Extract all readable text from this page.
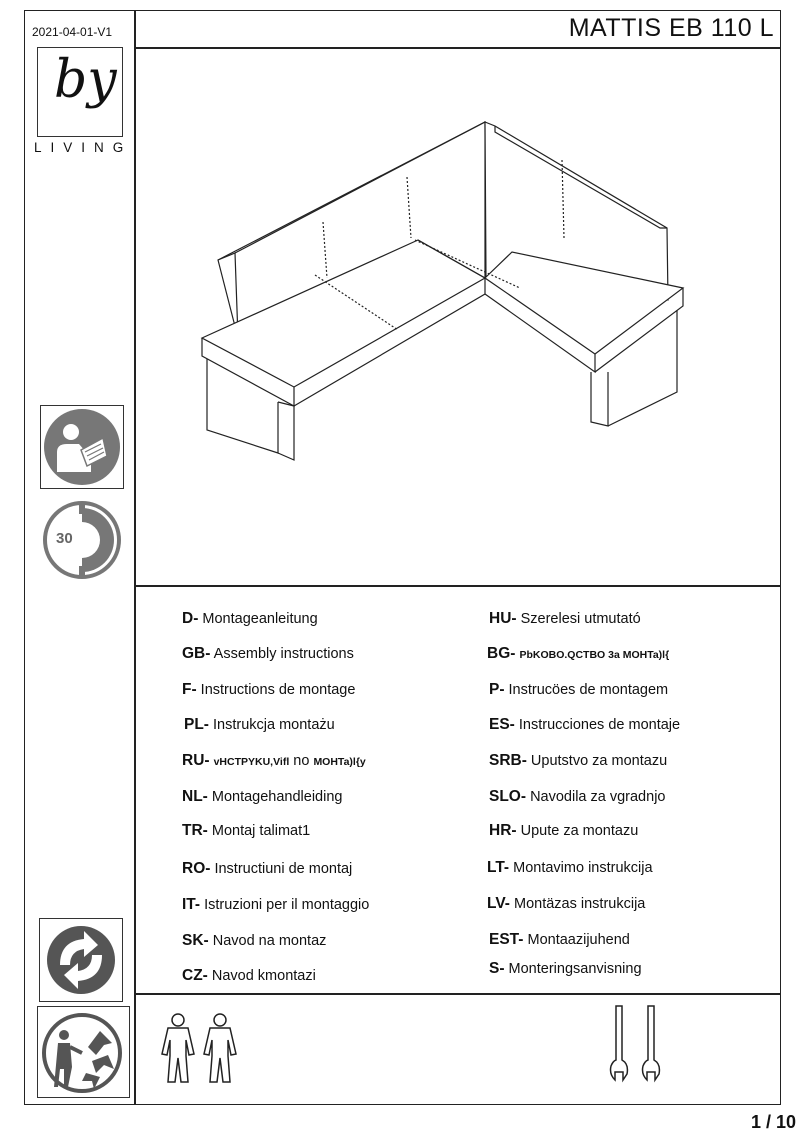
2021-04-01-V1	MATTIS EB 110 L
by
LIVING
30
D- Montageanleitung
GB- Assembly instructions
F- Instructions de montage
PL- Instrukcja montażu
RU- vHCTPYKU,Vifl no MOHTa)l{y
NL- Montagehandleiding
TR- Montaj talimat1
RO- Instructiuni de montaj
IT- Istruzioni per il montaggio
SK- Navod na montaz
CZ- Navod kmontazi
HU- Szerelesi utmutató
BG- PbKOBO.QCTBO 3a MOHTa)l{
P- Instrucöes de montagem
ES- Instrucciones de montaje
SRB- Uputstvo za montazu
SLO- Navodila za vgradnjo
HR- Upute za montazu
LT- Montavimo instrukcija
LV- Montäzas instrukcija
EST- Montaazijuhend
S- Monteringsanvisning
1 / 10
